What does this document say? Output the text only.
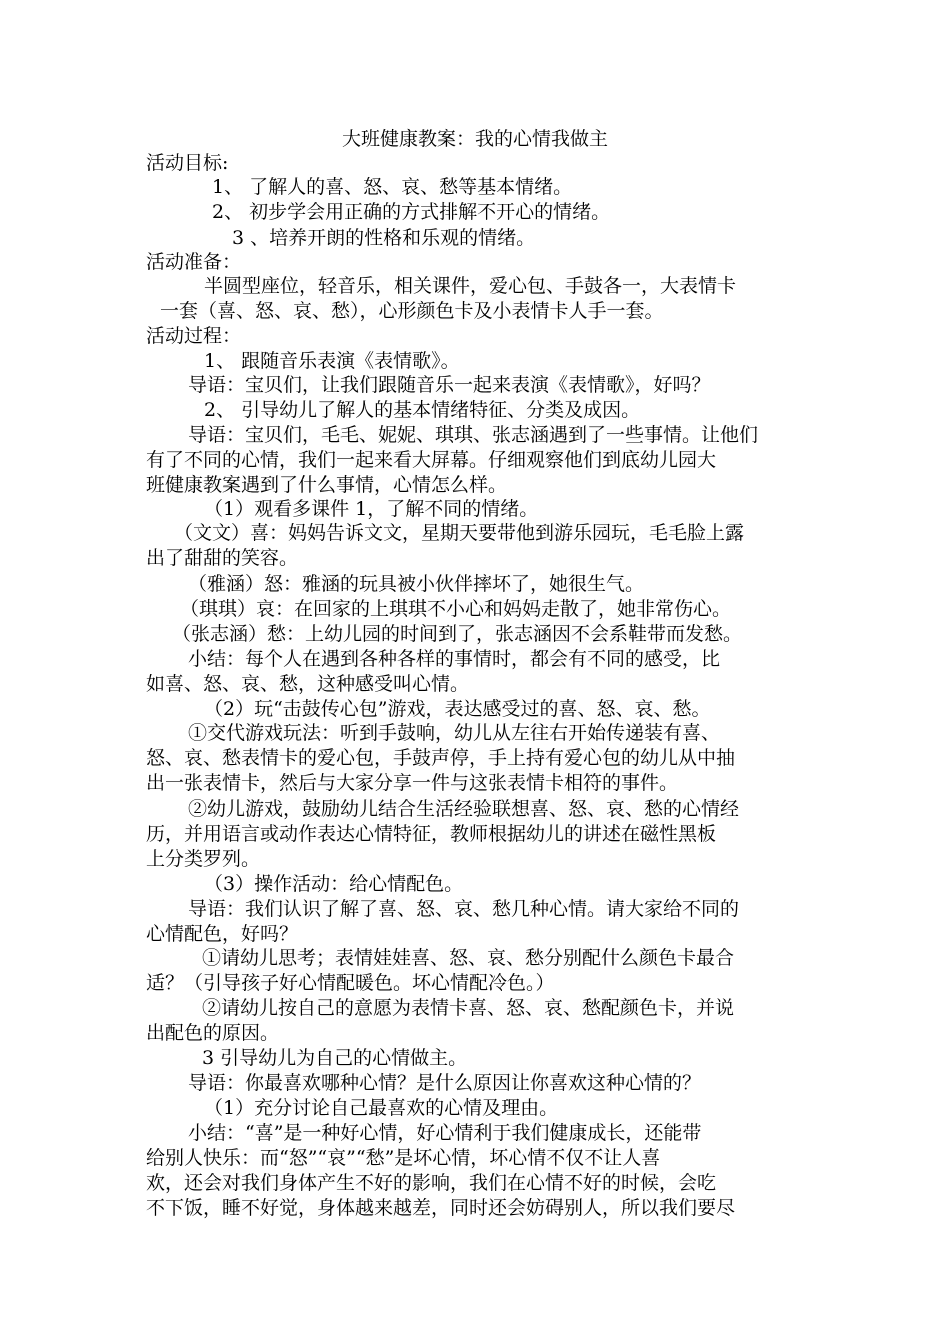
大班健康教案：我的心情我做主
活动目标:
1、 了解人的喜、怒、哀、愁等基本情绪。
2、 初步学会用正确的方式排解不开心的情绪。
3 、培养开朗的性格和乐观的情绪。
活动准备：
半圆型座位，轻音乐，相关课件，爱心包、手鼓各一，大表情卡
一套（喜、怒、哀、愁），心形颜色卡及小表情卡人手一套。
活动过程：
1、 跟随音乐表演《表情歌》。
导语：宝贝们，让我们跟随音乐一起来表演《表情歌》，好吗？
2、 引导幼儿了解人的基本情绪特征、分类及成因。
导语：宝贝们，毛毛、妮妮、琪琪、张志涵遇到了一些事情。让他们
有了不同的心情，我们一起来看大屏幕。仔细观察他们到底幼儿园大
班健康教案遇到了什么事情，心情怎么样。
（1）观看多课件 1，了解不同的情绪。
（文文）喜：妈妈告诉文文，星期天要带他到游乐园玩，毛毛脸上露
出了甜甜的笑容。
（雅涵）怒：雅涵的玩具被小伙伴摔坏了，她很生气。
（琪琪）哀：在回家的上琪琪不小心和妈妈走散了，她非常伤心。
（张志涵）愁：上幼儿园的时间到了，张志涵因不会系鞋带而发愁。
小结：每个人在遇到各种各样的事情时，都会有不同的感受，比
如喜、怒、哀、愁，这种感受叫心情。
（2）玩“击鼓传心包”游戏，表达感受过的喜、怒、哀、愁。
①交代游戏玩法：听到手鼓响，幼儿从左往右开始传递装有喜、
怒、哀、愁表情卡的爱心包，手鼓声停，手上持有爱心包的幼儿从中抽
出一张表情卡，然后与大家分享一件与这张表情卡相符的事件。
②幼儿游戏，鼓励幼儿结合生活经验联想喜、怒、哀、愁的心情经
历，并用语言或动作表达心情特征，教师根据幼儿的讲述在磁性黑板
上分类罗列。
（3）操作活动：给心情配色。
导语：我们认识了解了喜、怒、哀、愁几种心情。请大家给不同的
心情配色，好吗？
①请幼儿思考；表情娃娃喜、怒、哀、愁分别配什么颜色卡最合
适？（引导孩子好心情配暖色。坏心情配冷色。）
②请幼儿按自己的意愿为表情卡喜、怒、哀、愁配颜色卡，并说
出配色的原因。
3 引导幼儿为自己的心情做主。
导语：你最喜欢哪种心情？是什么原因让你喜欢这种心情的？
（1）充分讨论自己最喜欢的心情及理由。
小结：“喜”是一种好心情，好心情利于我们健康成长，还能带
给别人快乐：而“怒”“哀”“愁”是坏心情，坏心情不仅不让人喜
欢，还会对我们身体产生不好的影响，我们在心情不好的时候，会吃
不下饭，睡不好觉，身体越来越差，同时还会妨碍别人，所以我们要尽
